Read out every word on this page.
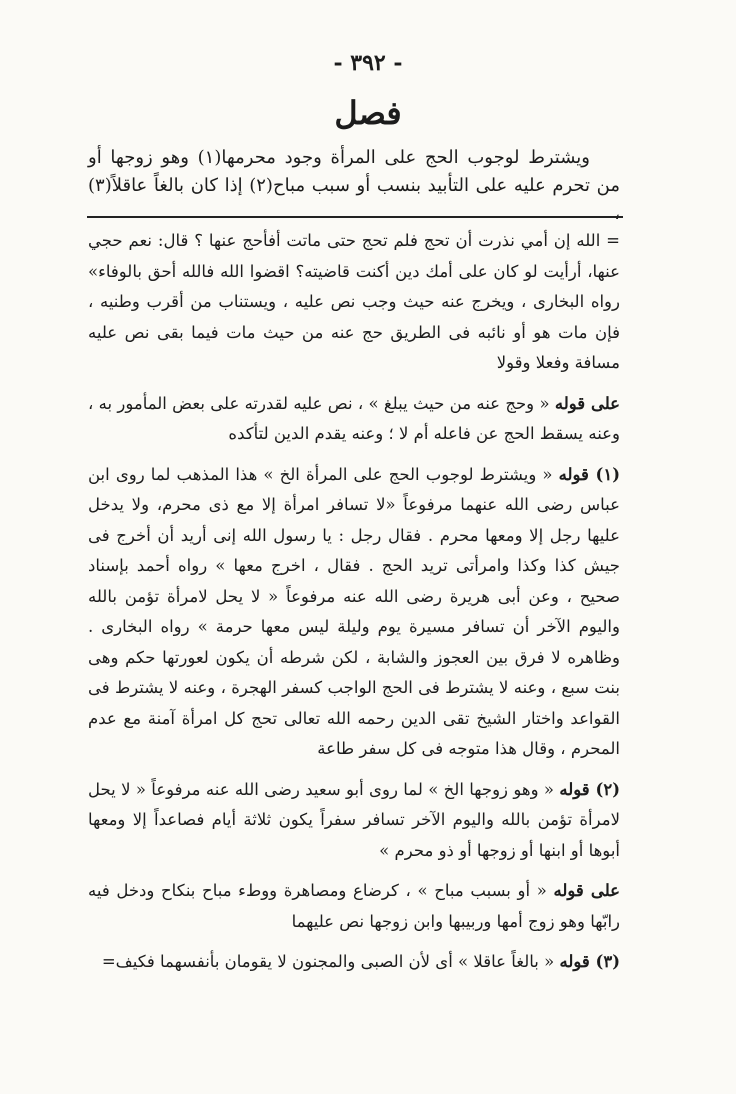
- ٣٩٢ -
فصل

ويشترط لوجوب الحج على المرأة وجود محرمها(١) وهو زوجها أو من تحرم عليه على التأبيد بنسب أو سبب مباح(٢) إذا كان بالغاً عاقلاً(٣) ،

= الله إن أمي نذرت أن تحج فلم تحج حتى ماتت أفأحج عنها ؟ قال: نعم حجي عنها، أرأيت لو كان على أمك دين أكنت قاضيته؟ اقضوا الله فالله أحق بالوفاء» رواه البخارى ، ويخرج عنه حيث وجب نص عليه ، ويستناب من أقرب وطنيه ، فإن مات هو أو نائبه فى الطريق حج عنه من حيث مات فيما بقى نص عليه مسافة وفعلا وقولا

على قوله « وحج عنه من حيث يبلغ » ، نص عليه لقدرته على بعض المأمور به ، وعنه يسقط الحج عن فاعله أم لا ؛ وعنه يقدم الدين لتأكده

(١) قوله « ويشترط لوجوب الحج على المرأة الخ » هذا المذهب لما روى ابن عباس رضى الله عنهما مرفوعاً «لا تسافر امرأة إلا مع ذى محرم، ولا يدخل عليها رجل إلا ومعها محرم . فقال رجل : يا رسول الله إنى أريد أن أخرج فى جيش كذا وكذا وامرأتى تريد الحج . فقال ، اخرج معها » رواه أحمد بإسناد صحيح ، وعن أبى هريرة رضى الله عنه مرفوعاً « لا يحل لامرأة تؤمن بالله واليوم الآخر أن تسافر مسيرة يوم وليلة ليس معها حرمة » رواه البخارى . وظاهره لا فرق بين العجوز والشابة ، لكن شرطه أن يكون لعورتها حكم وهى بنت سبع ، وعنه لا يشترط فى الحج الواجب كسفر الهجرة ، وعنه لا يشترط فى القواعد واختار الشيخ تقى الدين رحمه الله تعالى تحج كل امرأة آمنة مع عدم المحرم ، وقال هذا متوجه فى كل سفر طاعة

(٢) قوله « وهو زوجها الخ » لما روى أبو سعيد رضى الله عنه مرفوعاً « لا يحل لامرأة تؤمن بالله واليوم الآخر تسافر سفراً يكون ثلاثة أيام فصاعداً إلا ومعها أبوها أو ابنها أو زوجها أو ذو محرم »

على قوله « أو بسبب مباح » ، كرضاع ومصاهرة ووطء مباح بنكاح ودخل فيه رابّها وهو زوج أمها وربيبها وابن زوجها نص عليهما

(٣) قوله « بالغاً عاقلا » أى لأن الصبى والمجنون لا يقومان بأنفسهما فكيف=
